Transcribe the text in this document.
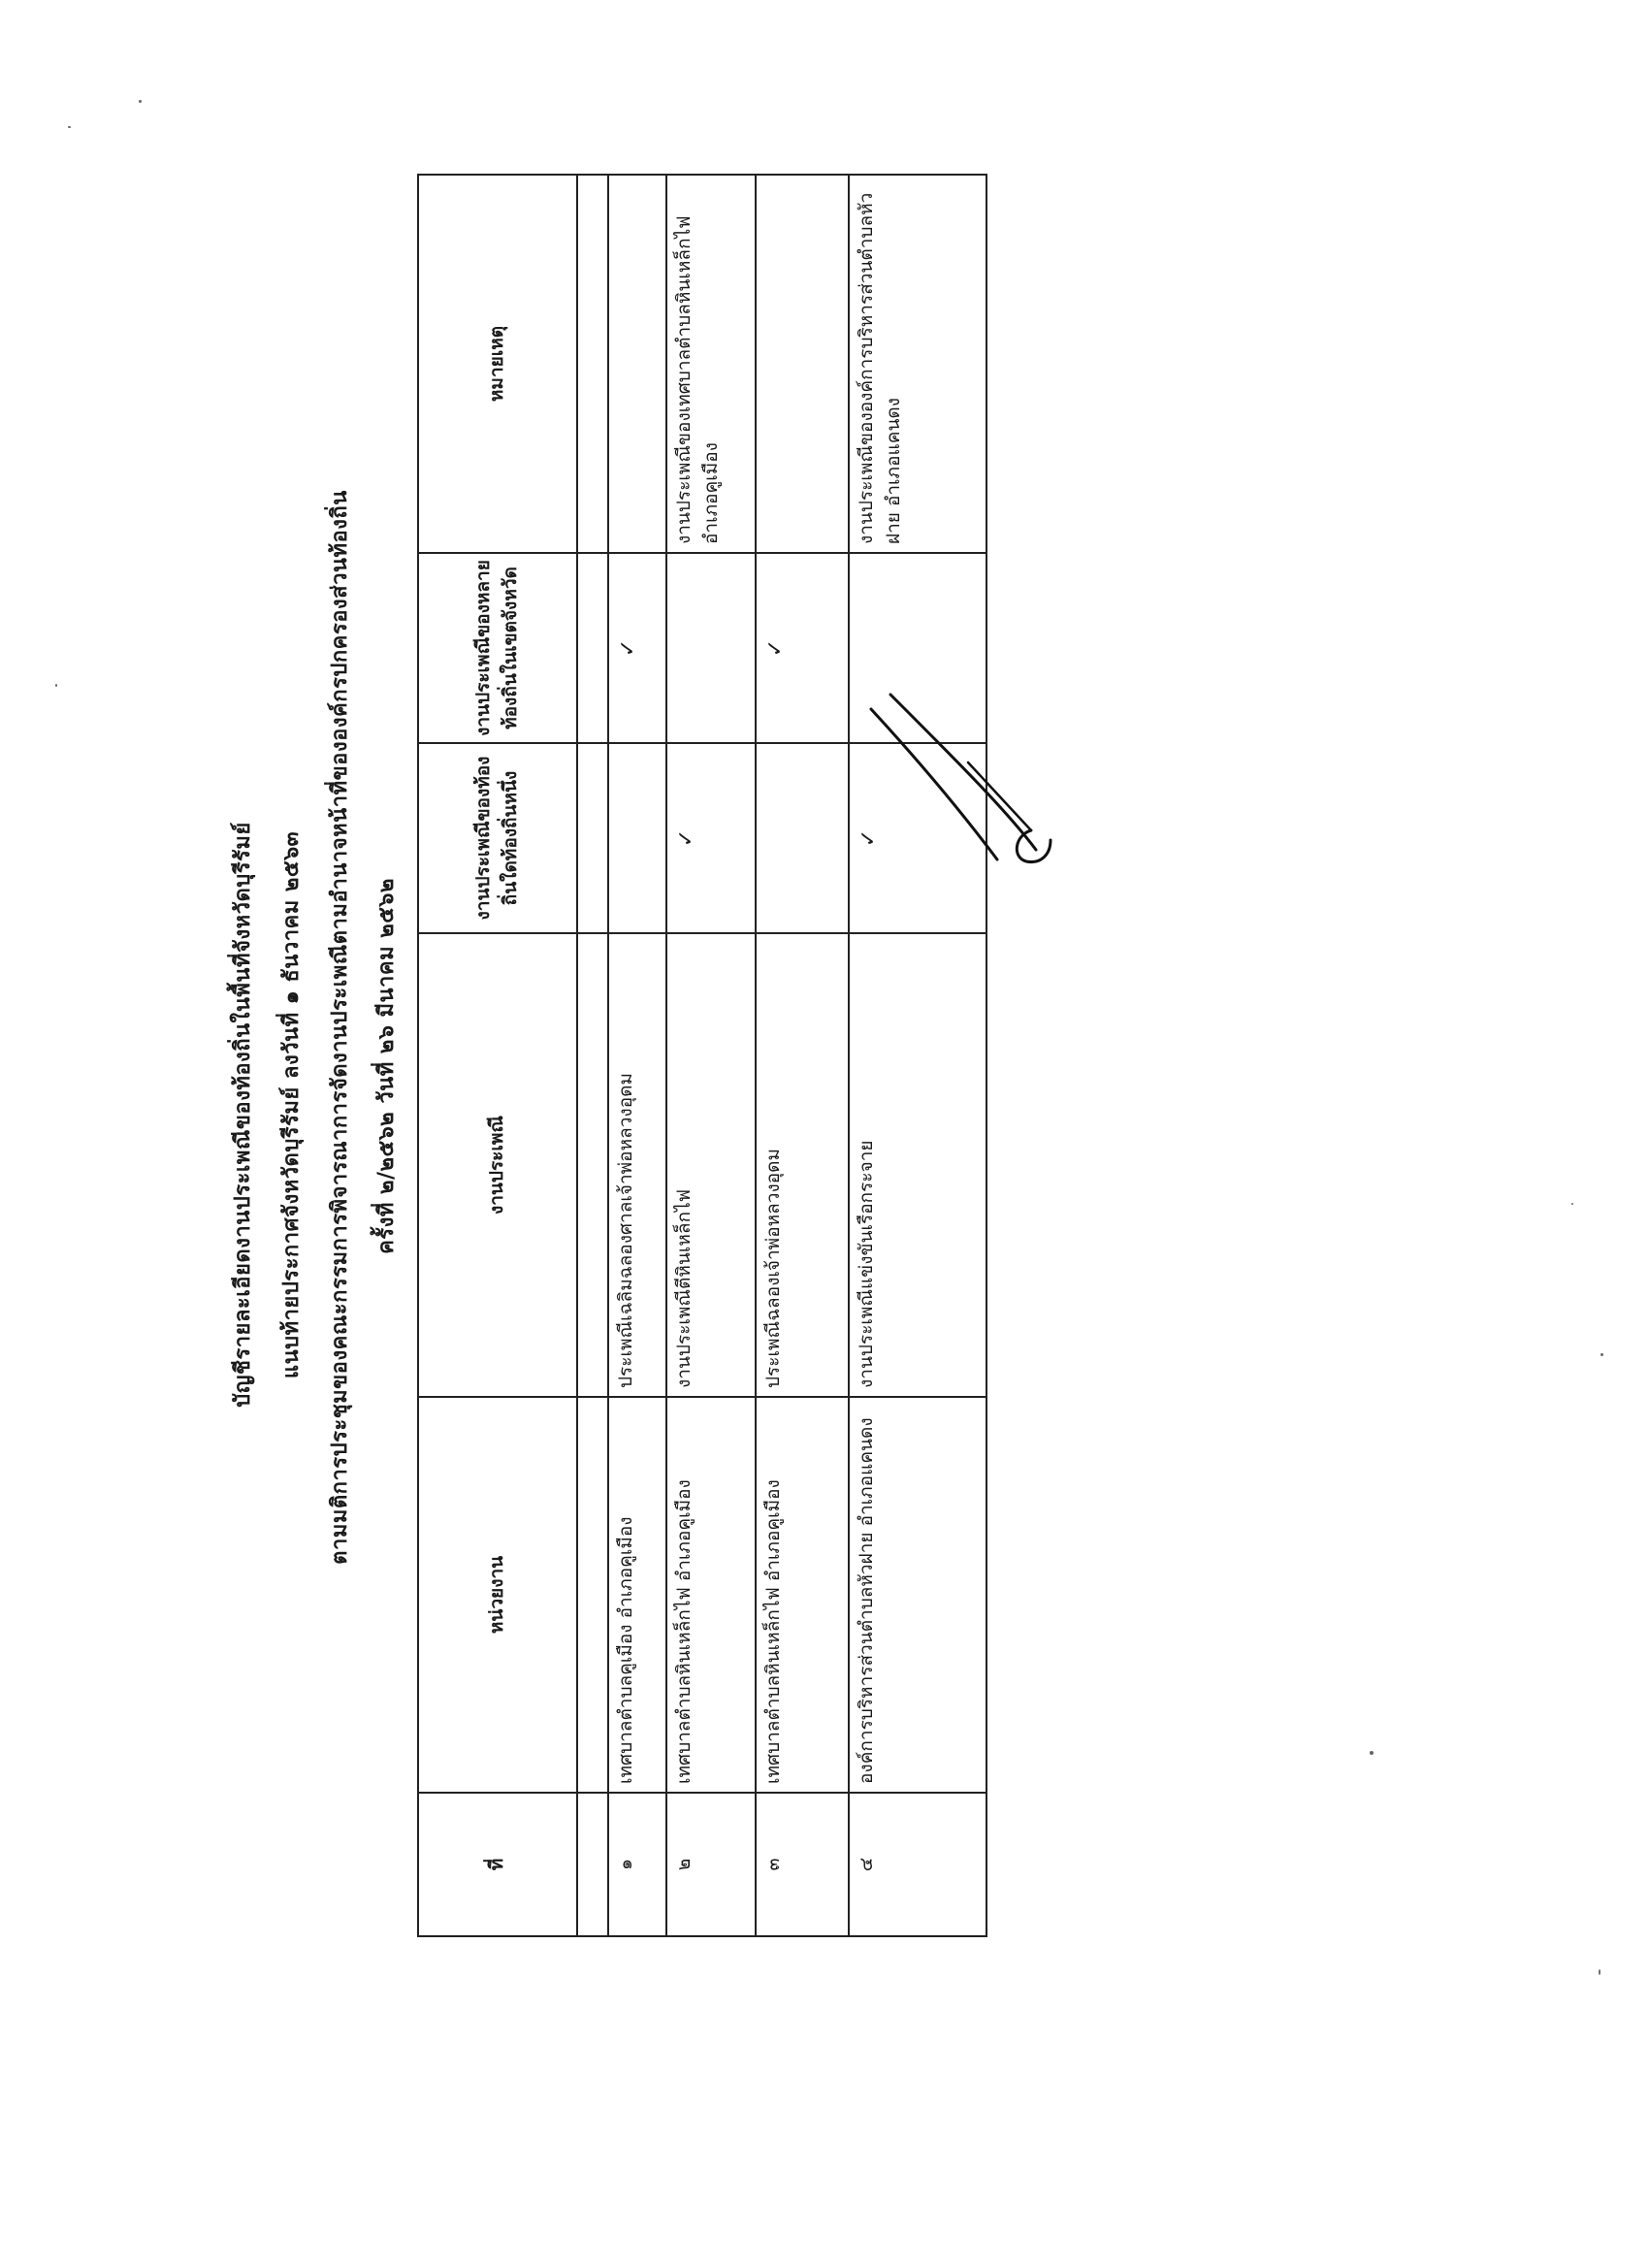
บัญชีรายละเอียดงานประเพณีของท้องถิ่นในพื้นที่จังหวัดบุรีรัมย์ แนบท้ายประกาศจังหวัดบุรีรัมย์ ลงวันที่ ๑ ธันวาคม ๒๕๖๓ ตามมติการประชุมของคณะกรรมการพิจารณาการจัดงานประเพณีตามอำนาจหน้าที่ขององค์กรปกครองส่วนท้องถิ่น ครั้งที่ ๒/๒๕๖๒ วันที่ ๒๖ มีนาคม ๒๕๖๒
ที่	หน่วยงาน	งานประเพณี	งานประเพณีของท้องถิ่นใดท้องถิ่นหนึ่ง	งานประเพณีของหลายท้องถิ่นในเขตจังหวัด	หมายเหตุ

๑	เทศบาลตำบลคูเมือง อำเภอคูเมือง	ประเพณีเฉลิมฉลองศาลเจ้าพ่อหลวงอุดม		✓	
๒	เทศบาลตำบลหินเหล็กไฟ อำเภอคูเมือง	งานประเพณีตีหินเหล็กไฟ	✓		งานประเพณีของเทศบาลตำบลหินเหล็กไฟ อำเภอคูเมือง
๓	เทศบาลตำบลหินเหล็กไฟ อำเภอคูเมือง	ประเพณีฉลองเจ้าพ่อหลวงอุดม		✓	
๔	องค์การบริหารส่วนตำบลหัวฝาย อำเภอแคนดง	งานประเพณีแข่งขันเรือกระจาย	✓		งานประเพณีขององค์การบริหารส่วนตำบลหัวฝาย อำเภอแคนดง
